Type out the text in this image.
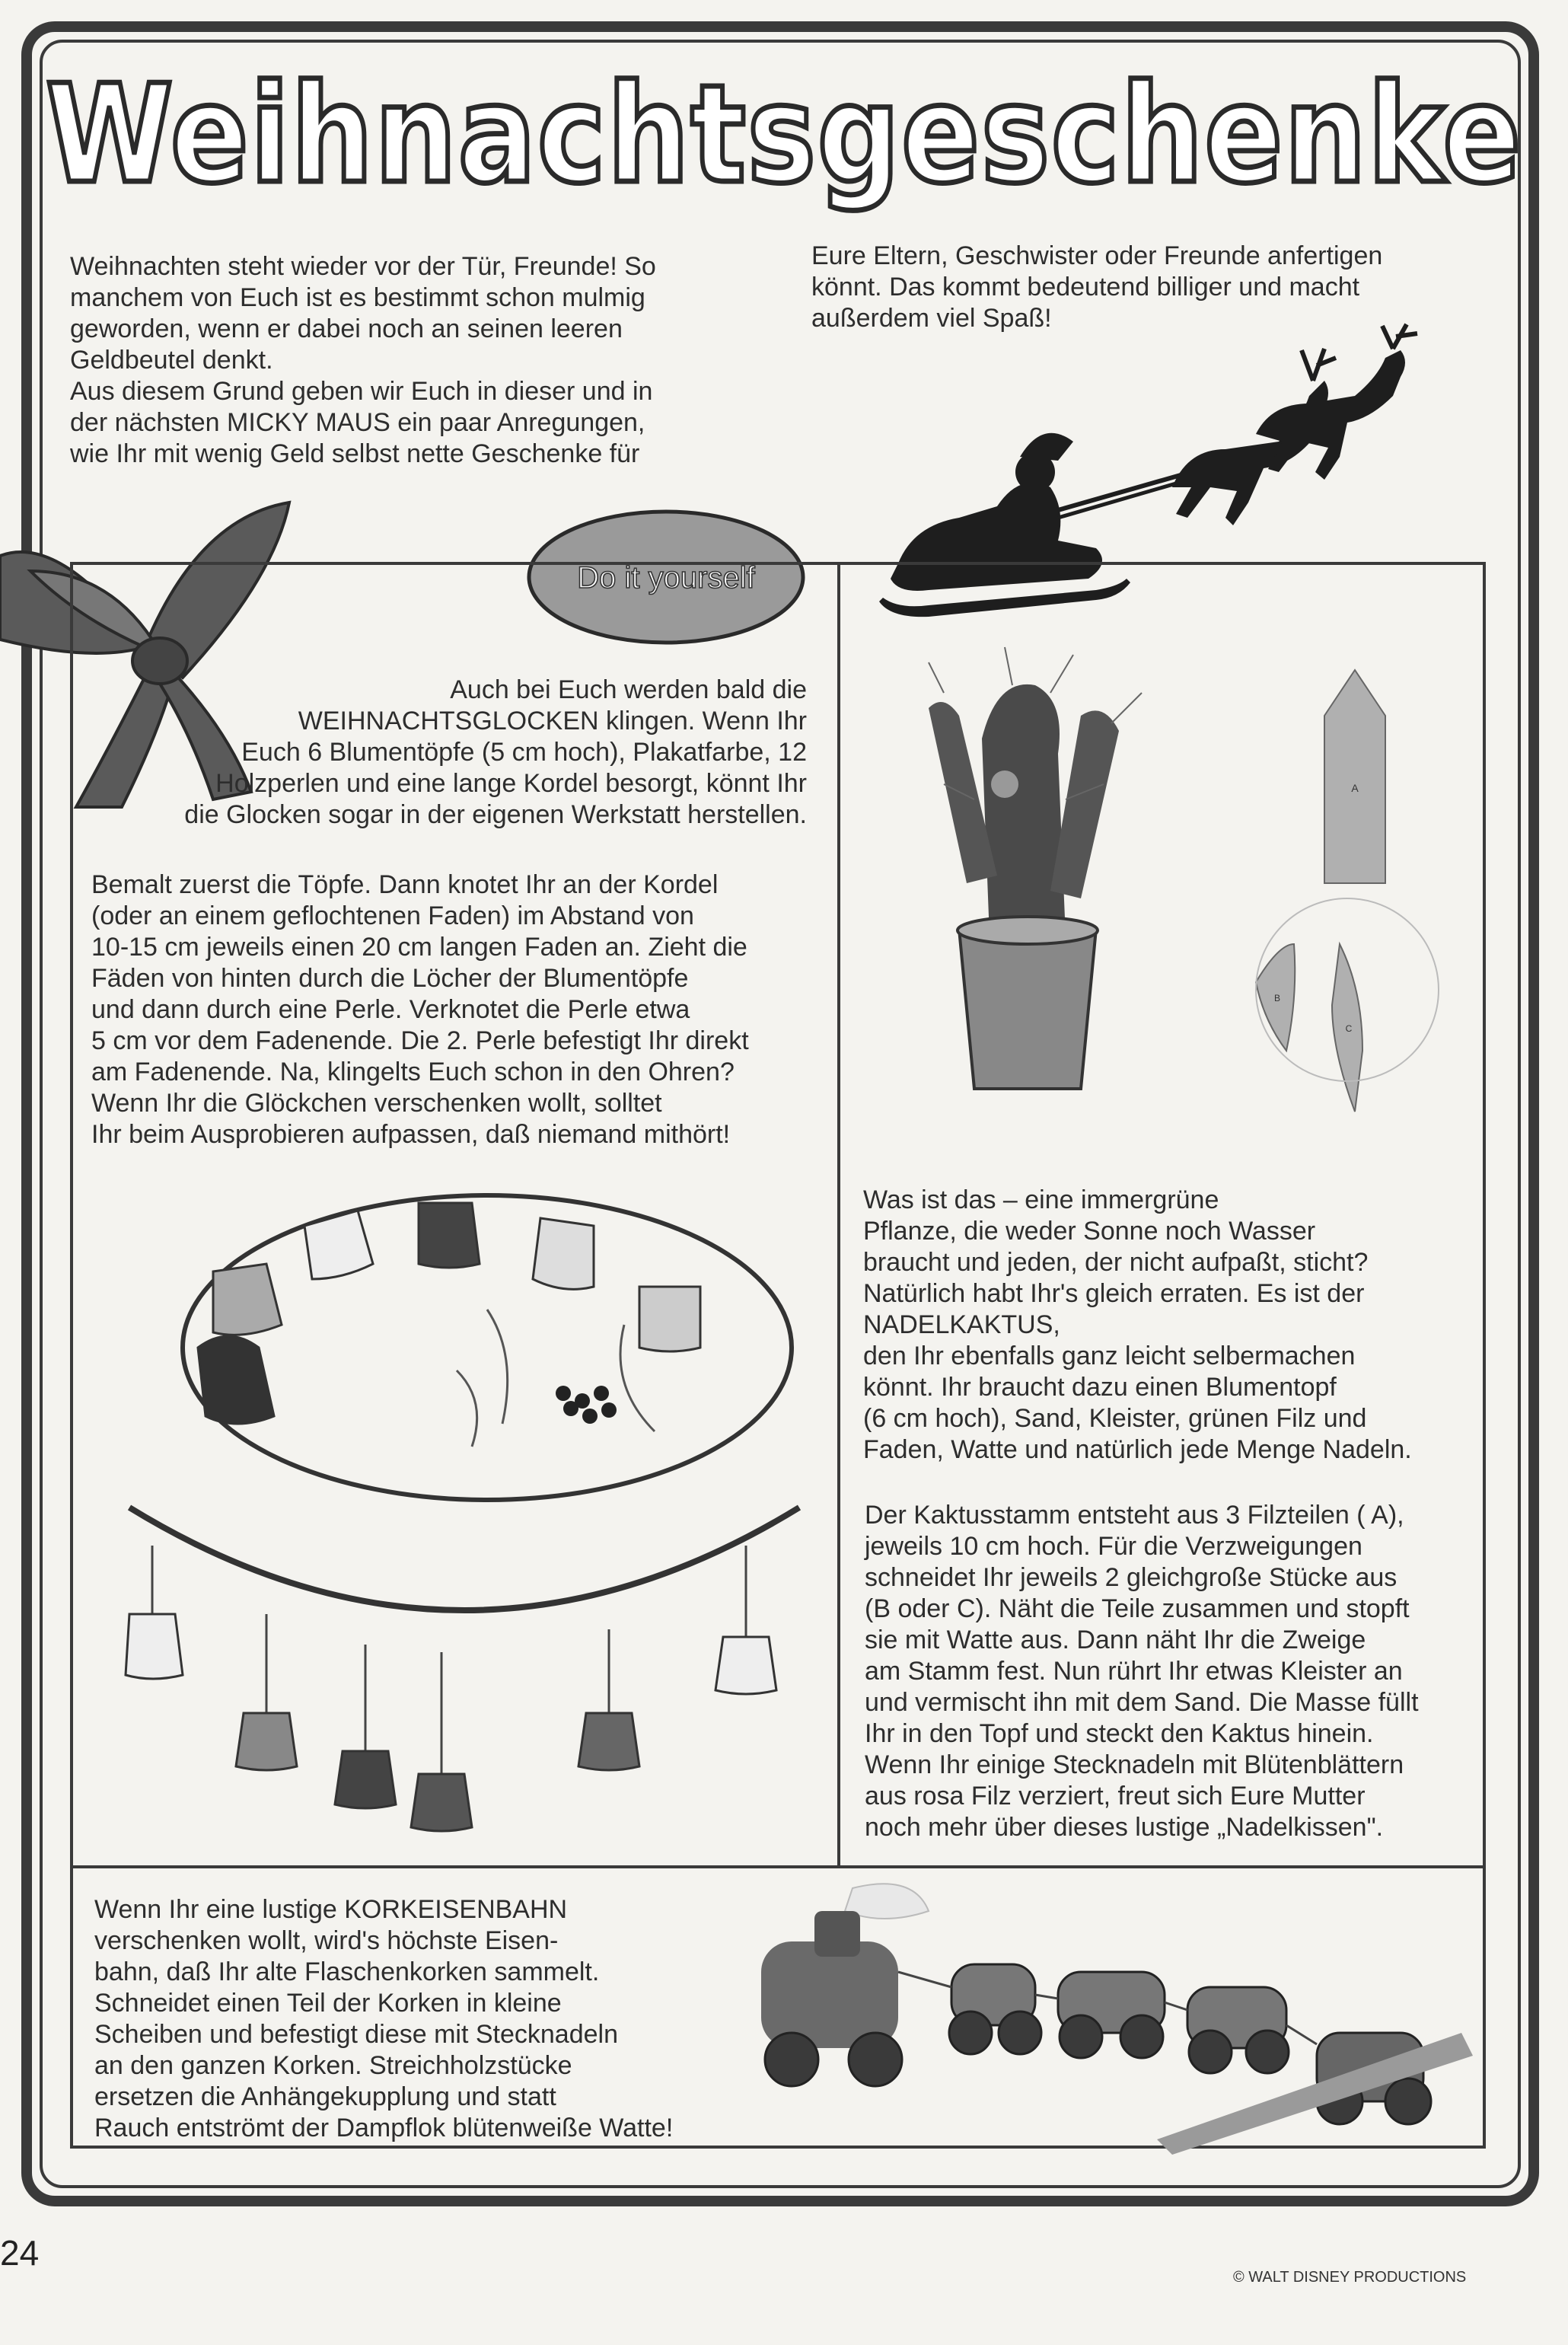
Weihnachtsgeschenke
Weihnachten steht wieder vor der Tür, Freunde! So
manchem von Euch ist es bestimmt schon mulmig
geworden, wenn er dabei noch an seinen leeren
Geldbeutel denkt.
Aus diesem Grund geben wir Euch in dieser und in
der nächsten MICKY MAUS ein paar Anregungen,
wie Ihr mit wenig Geld selbst nette Geschenke für
Eure Eltern, Geschwister oder Freunde anfertigen
könnt. Das kommt bedeutend billiger und macht
außerdem viel Spaß!
Do it yourself
Auch bei Euch werden bald die
WEIHNACHTSGLOCKEN klingen. Wenn Ihr
Euch 6 Blumentöpfe (5 cm hoch), Plakatfarbe, 12
Holzperlen und eine lange Kordel besorgt, könnt Ihr
die Glocken sogar in der eigenen Werkstatt herstellen.
Bemalt zuerst die Töpfe. Dann knotet Ihr an der Kordel
(oder an einem geflochtenen Faden) im Abstand von
10-15 cm jeweils einen 20 cm langen Faden an. Zieht die
Fäden von hinten durch die Löcher der Blumentöpfe
und dann durch eine Perle. Verknotet die Perle etwa
5 cm vor dem Fadenende. Die 2. Perle befestigt Ihr direkt
am Fadenende. Na, klingelts Euch schon in den Ohren?
Wenn Ihr die Glöckchen verschenken wollt, solltet
Ihr beim Ausprobieren aufpassen, daß niemand mithört!
A
B
C
Was ist das – eine immergrüne
Pflanze, die weder Sonne noch Wasser
braucht und jeden, der nicht aufpaßt, sticht?
Natürlich habt Ihr's gleich erraten. Es ist der
NADELKAKTUS,
den Ihr ebenfalls ganz leicht selbermachen
könnt. Ihr braucht dazu einen Blumentopf
(6 cm hoch), Sand, Kleister, grünen Filz und
Faden, Watte und natürlich jede Menge Nadeln.
Der Kaktusstamm entsteht aus 3 Filzteilen ( A),
jeweils 10 cm hoch. Für die Verzweigungen
schneidet Ihr jeweils 2 gleichgroße Stücke aus
(B oder C). Näht die Teile zusammen und stopft
sie mit Watte aus. Dann näht Ihr die Zweige
am Stamm fest. Nun rührt Ihr etwas Kleister an
und vermischt ihn mit dem Sand. Die Masse füllt
Ihr in den Topf und steckt den Kaktus hinein.
Wenn Ihr einige Stecknadeln mit Blütenblättern
aus rosa Filz verziert, freut sich Eure Mutter
noch mehr über dieses lustige „Nadelkissen".
Wenn Ihr eine lustige KORKEISENBAHN
verschenken wollt, wird's höchste Eisen-
bahn, daß Ihr alte Flaschenkorken sammelt.
Schneidet einen Teil der Korken in kleine
Scheiben und befestigt diese mit Stecknadeln
an den ganzen Korken. Streichholzstücke
ersetzen die Anhängekupplung und statt
Rauch entströmt der Dampflok blütenweiße Watte!
24
© WALT DISNEY PRODUCTIONS
